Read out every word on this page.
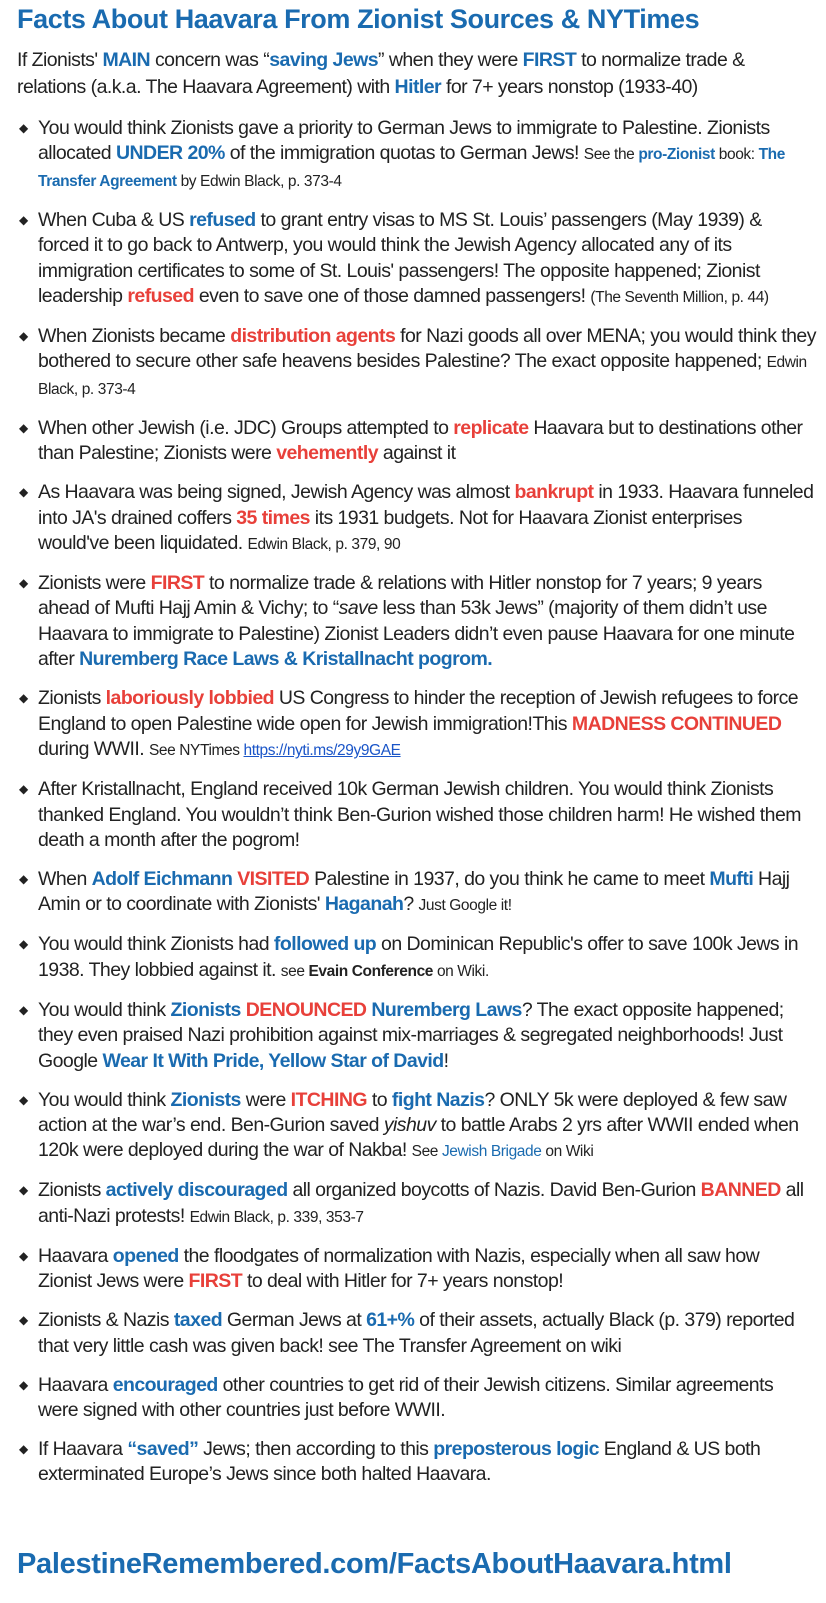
Facts About Haavara From Zionist Sources & NYTimes

If Zionists' MAIN concern was “saving Jews” when they were FIRST to normalize trade & relations (a.k.a. The Haavara Agreement) with Hitler for 7+ years nonstop (1933-40)

◆ You would think Zionists gave a priority to German Jews to immigrate to Palestine. Zionists allocated UNDER 20% of the immigration quotas to German Jews! See the pro-Zionist book: The Transfer Agreement by Edwin Black, p. 373-4
◆ When Cuba & US refused to grant entry visas to MS St. Louis’ passengers (May 1939) & forced it to go back to Antwerp, you would think the Jewish Agency allocated any of its immigration certificates to some of St. Louis' passengers! The opposite happened; Zionist leadership refused even to save one of those damned passengers! (The Seventh Million, p. 44)
◆ When Zionists became distribution agents for Nazi goods all over MENA; you would think they bothered to secure other safe heavens besides Palestine? The exact opposite happened; Edwin Black, p. 373-4
◆ When other Jewish (i.e. JDC) Groups attempted to replicate Haavara but to destinations other than Palestine; Zionists were vehemently against it
◆ As Haavara was being signed, Jewish Agency was almost bankrupt in 1933. Haavara funneled into JA's drained coffers 35 times its 1931 budgets. Not for Haavara Zionist enterprises would've been liquidated. Edwin Black, p. 379, 90
◆ Zionists were FIRST to normalize trade & relations with Hitler nonstop for 7 years; 9 years ahead of Mufti Hajj Amin & Vichy; to “save less than 53k Jews” (majority of them didn’t use Haavara to immigrate to Palestine) Zionist Leaders didn’t even pause Haavara for one minute after Nuremberg Race Laws & Kristallnacht pogrom.
◆ Zionists laboriously lobbied US Congress to hinder the reception of Jewish refugees to force England to open Palestine wide open for Jewish immigration!This MADNESS CONTINUED during WWII. See NYTimes https://nyti.ms/29y9GAE
◆ After Kristallnacht, England received 10k German Jewish children. You would think Zionists thanked England. You wouldn’t think Ben-Gurion wished those children harm! He wished them death a month after the pogrom!
◆ When Adolf Eichmann VISITED Palestine in 1937, do you think he came to meet Mufti Hajj Amin or to coordinate with Zionists' Haganah? Just Google it!
◆ You would think Zionists had followed up on Dominican Republic's offer to save 100k Jews in 1938. They lobbied against it. see Evain Conference on Wiki.
◆ You would think Zionists DENOUNCED Nuremberg Laws? The exact opposite happened; they even praised Nazi prohibition against mix-marriages & segregated neighborhoods! Just Google Wear It With Pride, Yellow Star of David!
◆ You would think Zionists were ITCHING to fight Nazis? ONLY 5k were deployed & few saw action at the war’s end. Ben-Gurion saved yishuv to battle Arabs 2 yrs after WWII ended when 120k were deployed during the war of Nakba! See Jewish Brigade on Wiki
◆ Zionists actively discouraged all organized boycotts of Nazis. David Ben-Gurion BANNED all anti-Nazi protests! Edwin Black, p. 339, 353-7
◆ Haavara opened the floodgates of normalization with Nazis, especially when all saw how Zionist Jews were FIRST to deal with Hitler for 7+ years nonstop!
◆ Zionists & Nazis taxed German Jews at 61+% of their assets, actually Black (p. 379) reported that very little cash was given back! see The Transfer Agreement on wiki
◆ Haavara encouraged other countries to get rid of their Jewish citizens. Similar agreements were signed with other countries just before WWII.
◆ If Haavara “saved” Jews; then according to this preposterous logic England & US both exterminated Europe’s Jews since both halted Haavara.
PalestineRemembered.com/FactsAboutHaavara.html
